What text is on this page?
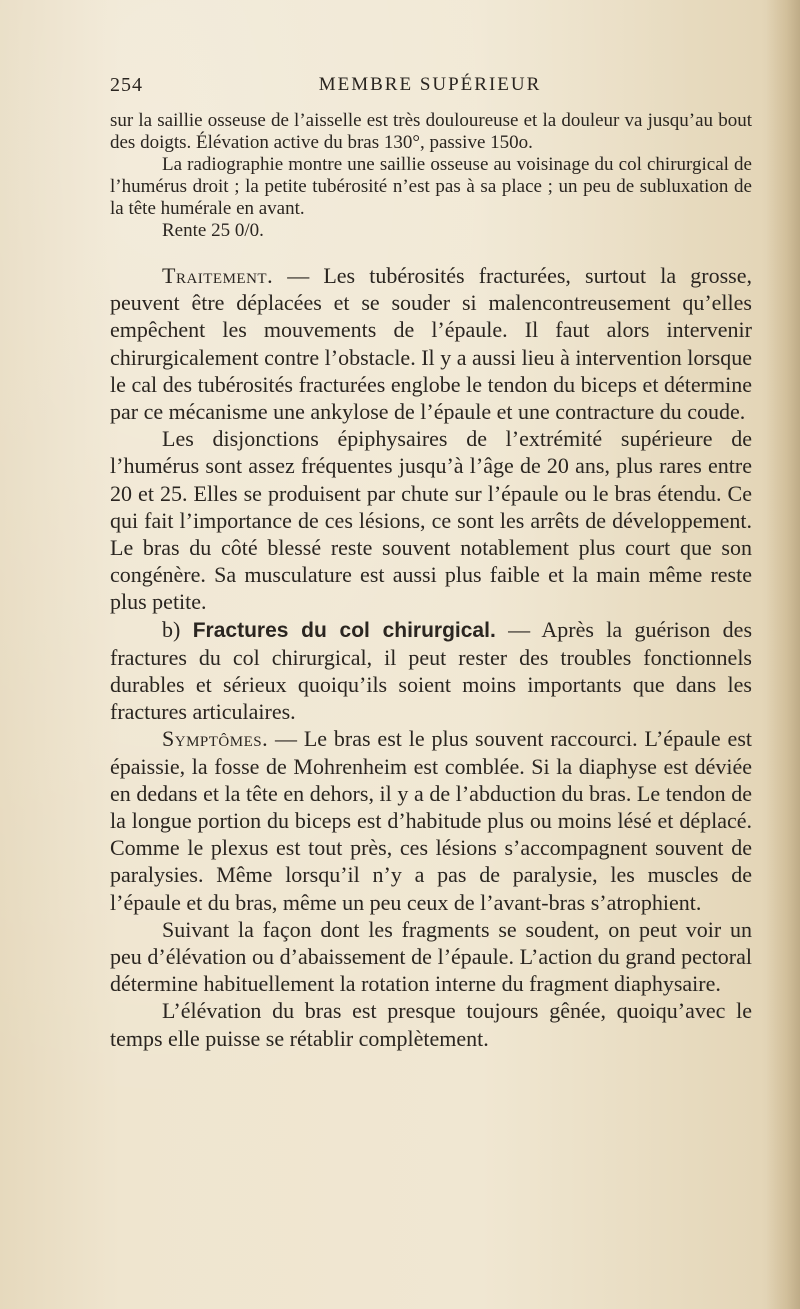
254	MEMBRE SUPÉRIEUR

sur la saillie osseuse de l’aisselle est très douloureuse et la douleur va jusqu’au bout des doigts. Élévation active du bras 130°, passive 150o.

La radiographie montre une saillie osseuse au voisinage du col chirurgical de l’humérus droit ; la petite tubérosité n’est pas à sa place ; un peu de subluxation de la tête humérale en avant.

Rente 25 0/0.

Traitement. — Les tubérosités fracturées, surtout la grosse, peuvent être déplacées et se souder si malencontreusement qu’elles empêchent les mouvements de l’épaule. Il faut alors intervenir chirurgicalement contre l’obstacle. Il y a aussi lieu à intervention lorsque le cal des tubérosités fracturées englobe le tendon du biceps et détermine par ce mécanisme une ankylose de l’épaule et une contracture du coude.

Les disjonctions épiphysaires de l’extrémité supérieure de l’humérus sont assez fréquentes jusqu’à l’âge de 20 ans, plus rares entre 20 et 25. Elles se produisent par chute sur l’épaule ou le bras étendu. Ce qui fait l’importance de ces lésions, ce sont les arrêts de développement. Le bras du côté blessé reste souvent notablement plus court que son congénère. Sa musculature est aussi plus faible et la main même reste plus petite.

b) Fractures du col chirurgical. — Après la guérison des fractures du col chirurgical, il peut rester des troubles fonctionnels durables et sérieux quoiqu’ils soient moins importants que dans les fractures articulaires.

Symptômes. — Le bras est le plus souvent raccourci. L’épaule est épaissie, la fosse de Mohrenheim est comblée. Si la diaphyse est déviée en dedans et la tête en dehors, il y a de l’abduction du bras. Le tendon de la longue portion du biceps est d’habitude plus ou moins lésé et déplacé. Comme le plexus est tout près, ces lésions s’accompagnent souvent de paralysies. Même lorsqu’il n’y a pas de paralysie, les muscles de l’épaule et du bras, même un peu ceux de l’avant-bras s’atrophient.

Suivant la façon dont les fragments se soudent, on peut voir un peu d’élévation ou d’abaissement de l’épaule. L’action du grand pectoral détermine habituellement la rotation interne du fragment diaphysaire.

L’élévation du bras est presque toujours gênée, quoiqu’avec le temps elle puisse se rétablir complètement.
